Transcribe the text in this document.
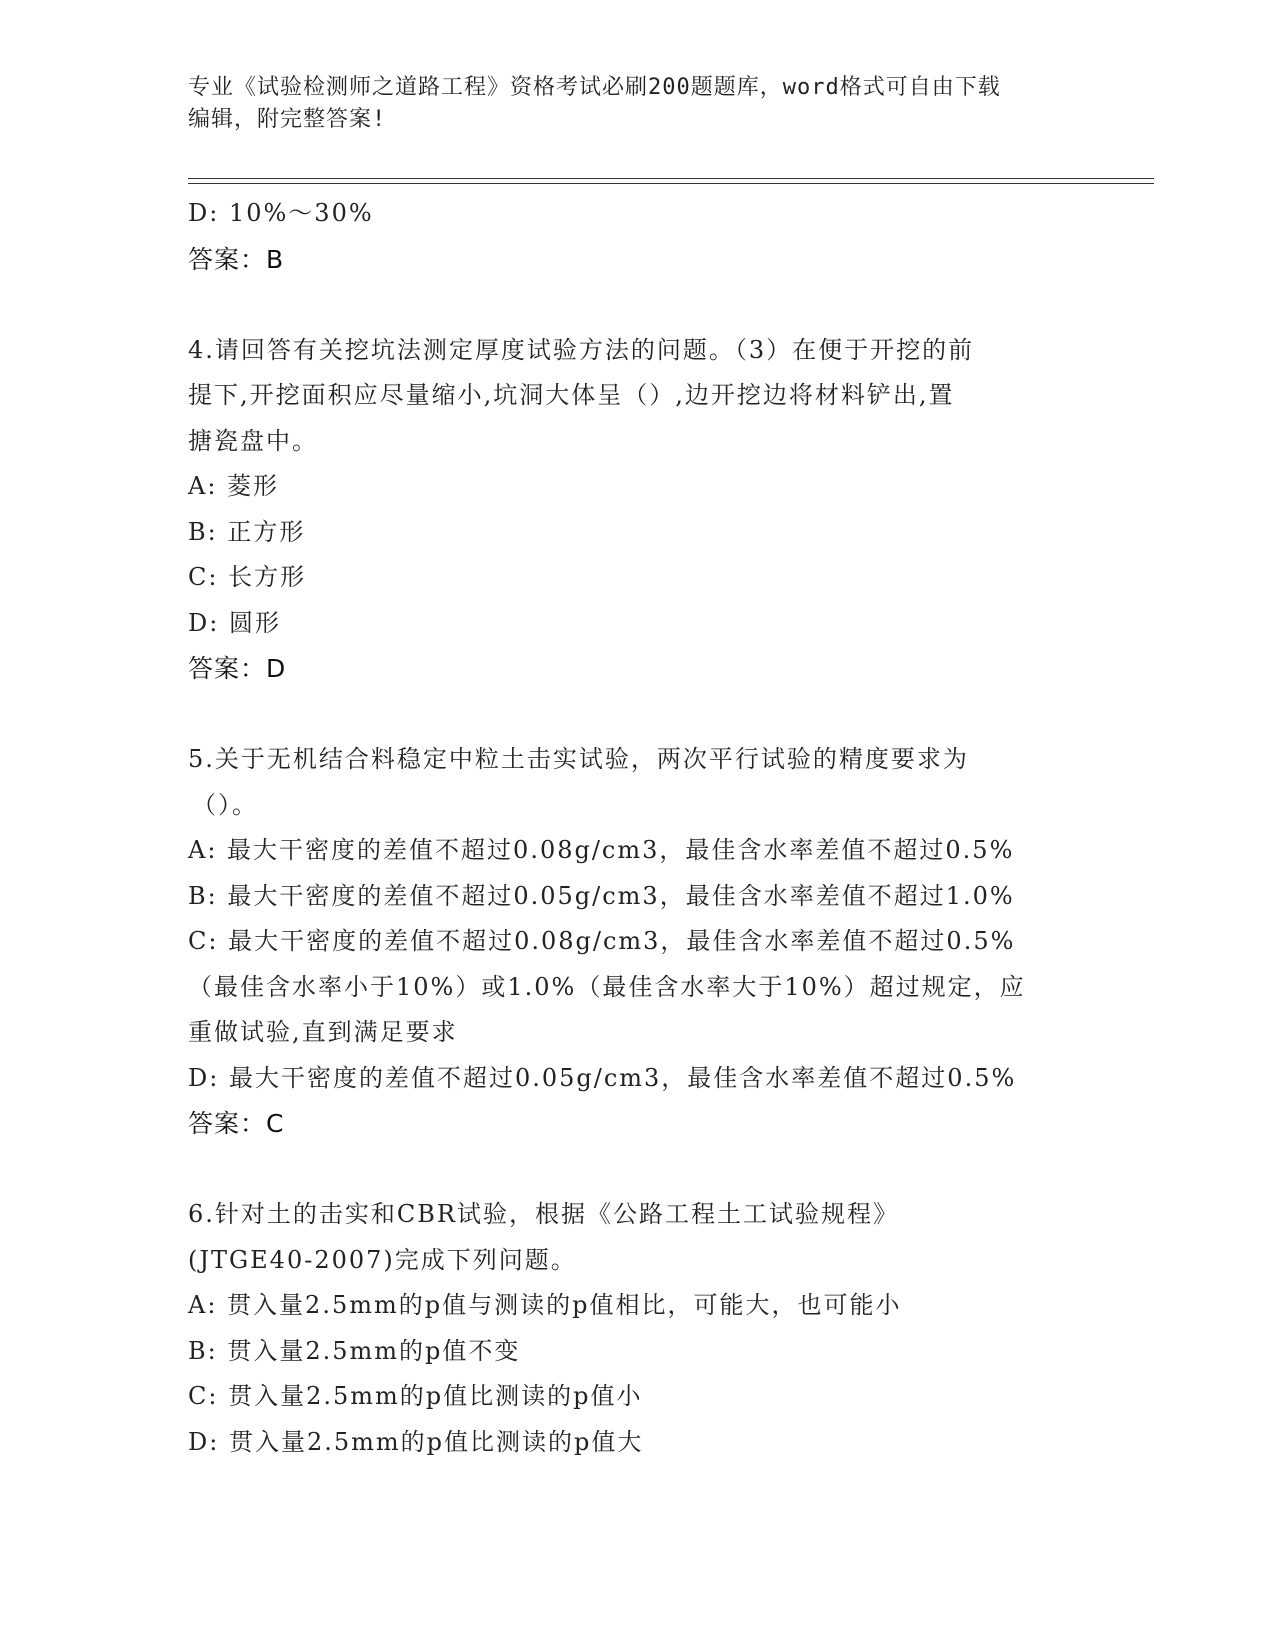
专业《试验检测师之道路工程》资格考试必刷200题题库，word格式可自由下载
编辑，附完整答案!
D: 10%～30%
答案：B
4.请回答有关挖坑法测定厚度试验方法的问题。（3）在便于开挖的前
提下,开挖面积应尽量缩小,坑洞大体呈（）,边开挖边将材料铲出,置
搪瓷盘中。
A: 菱形
B: 正方形
C: 长方形
D: 圆形
答案：D
5.关于无机结合料稳定中粒土击实试验，两次平行试验的精度要求为
（）。
A: 最大干密度的差值不超过0.08g/cm3，最佳含水率差值不超过0.5%
B: 最大干密度的差值不超过0.05g/cm3，最佳含水率差值不超过1.0%
C: 最大干密度的差值不超过0.08g/cm3，最佳含水率差值不超过0.5%
（最佳含水率小于10%）或1.0%（最佳含水率大于10%）超过规定，应
重做试验,直到满足要求
D: 最大干密度的差值不超过0.05g/cm3，最佳含水率差值不超过0.5%
答案：C
6.针对土的击实和CBR试验，根据《公路工程土工试验规程》
(JTGE40-2007)完成下列问题。
A: 贯入量2.5mm的p值与测读的p值相比，可能大，也可能小
B: 贯入量2.5mm的p值不变
C: 贯入量2.5mm的p值比测读的p值小
D: 贯入量2.5mm的p值比测读的p值大
